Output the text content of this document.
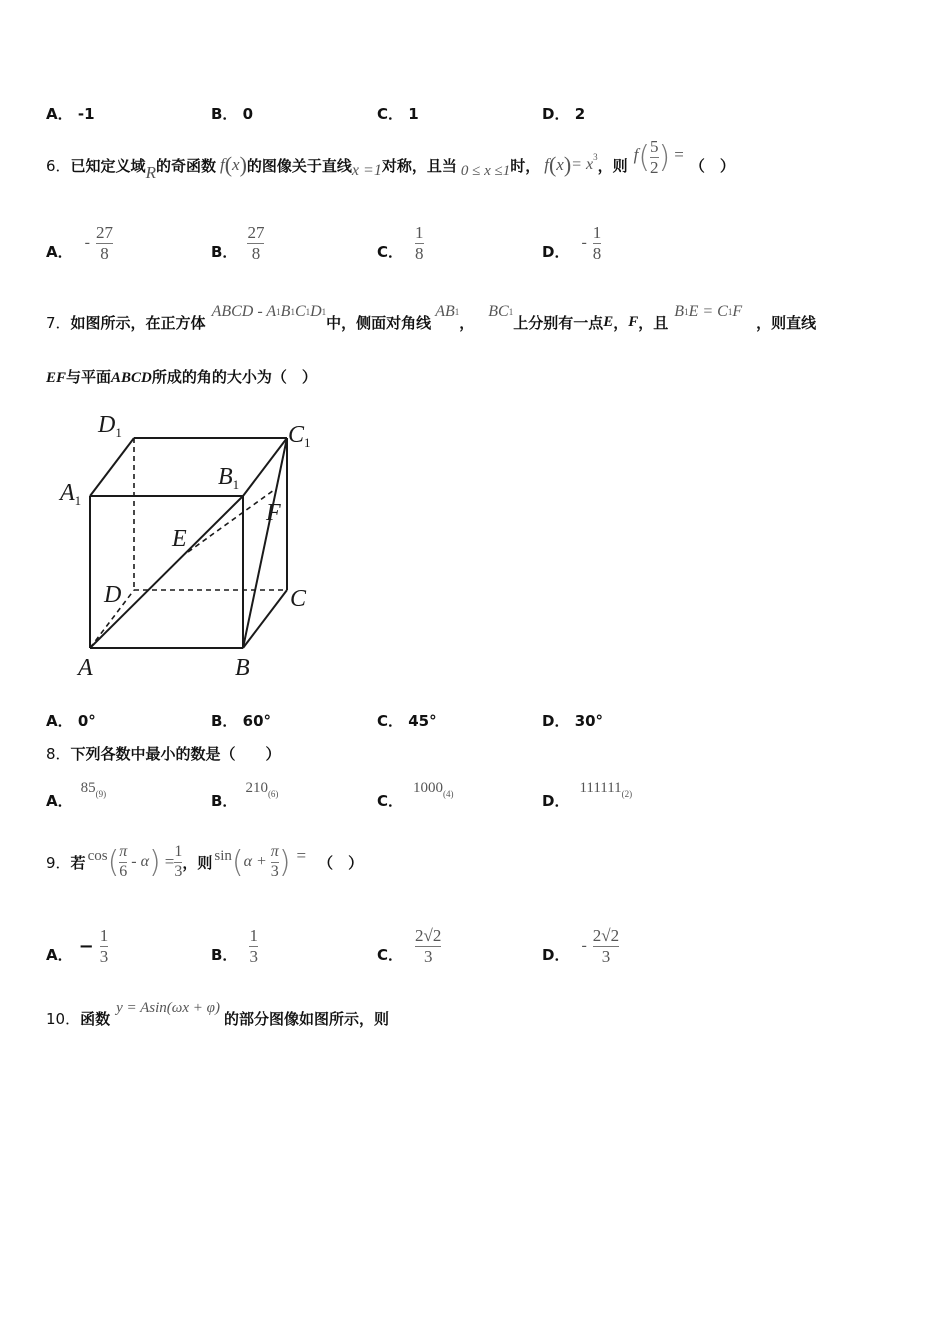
A． -1	B． 0	C． 1	D． 2
6． 已知定义域 R 的奇函数 f ( x ) 的图像关于直线 x =1 对称，且当 0 ≤ x ≤1 时， f ( x ) = x 3 ，则
f ( $\frac{5}{2}$ ) =
（　）
A． - $\frac{27}{8}$	B． $\frac{27}{8}$	C． $\frac{1}{8}$	D． - $\frac{1}{8}$
7． 如图所示，在正方体
ABCD - A 1 B 1 C 1 D 1
中，侧面对角线
AB 1
，
BC 1
上分别有一点 E ， F ，且
B 1 E = C 1 F
，则直线
EF与平面ABCD所成的角的大小为（　）
$D_1$	$C_1$
$A_1$
$B_1$
E
F
D	C
A	B
A． 0°	B． 60°	C． 45°	D． 30°
8．下列各数中最小的数是（　　）
A．$85_{(9)}$	B．$210_{(6)}$	C．$1000_{(4)}$	D．$111111_{(2)}$
9． 若 cos ( $\frac{\pi}{6}$ - α ) = $\frac{1}{3}$ ，则 sin ( $\alpha + \frac{\pi}{3}$ ) = （　）
A． − $\frac{1}{3}$	B． $\frac{1}{3}$	C． $\frac{2√2}{3}$	D． - $\frac{2√2}{3}$
10． 函数
y = Asin(ωx + φ)
的部分图像如图所示，则
